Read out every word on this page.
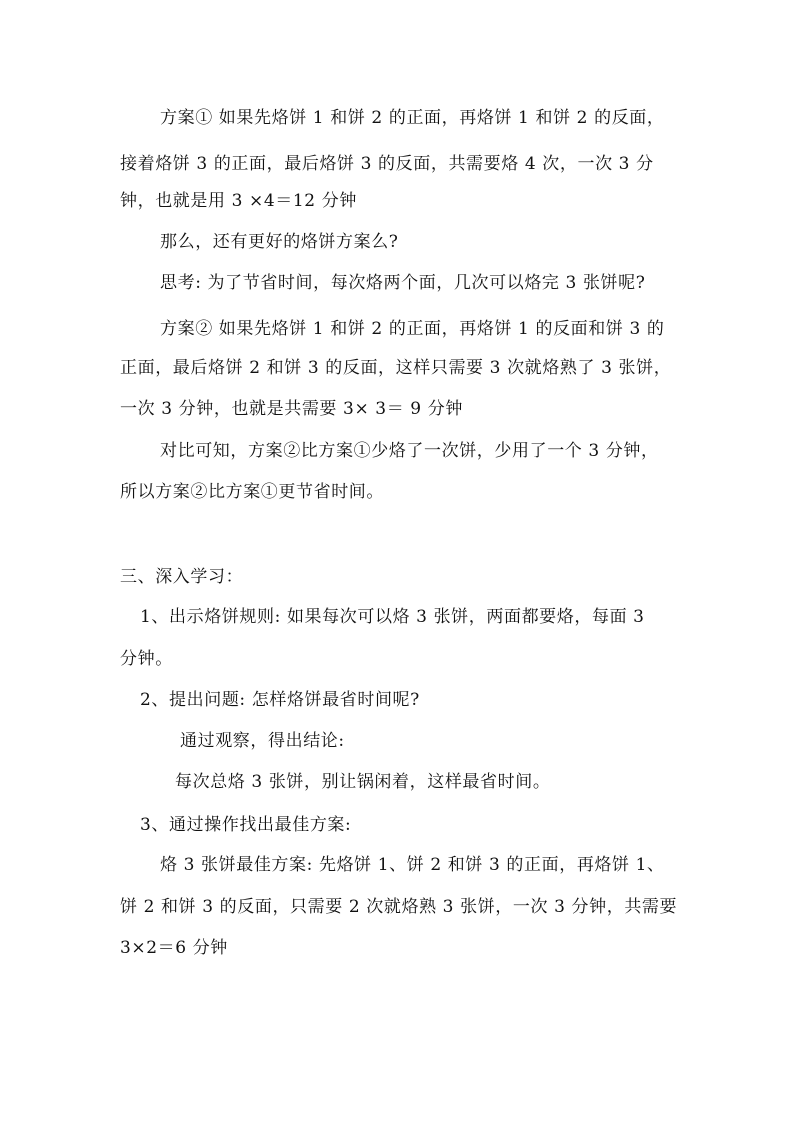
方案① 如果先烙饼 1 和饼 2 的正面，再烙饼 1 和饼 2 的反面，
接着烙饼 3 的正面，最后烙饼 3 的反面，共需要烙 4 次，一次 3 分
钟，也就是用 3 ×4＝12 分钟
那么，还有更好的烙饼方案么?
思考: 为了节省时间，每次烙两个面，几次可以烙完 3 张饼呢?
方案② 如果先烙饼 1 和饼 2 的正面，再烙饼 1 的反面和饼 3 的
正面，最后烙饼 2 和饼 3 的反面，这样只需要 3 次就烙熟了 3 张饼，
一次 3 分钟，也就是共需要 3× 3＝ 9 分钟
对比可知，方案②比方案①少烙了一次饼，少用了一个 3 分钟，
所以方案②比方案①更节省时间。
三、深入学习：
1、出示烙饼规则: 如果每次可以烙 3 张饼，两面都要烙，每面 3
分钟。
2、提出问题: 怎样烙饼最省时间呢?
通过观察，得出结论:
每次总烙 3 张饼，别让锅闲着，这样最省时间。
3、通过操作找出最佳方案:
烙 3 张饼最佳方案: 先烙饼 1、饼 2 和饼 3 的正面，再烙饼 1、
饼 2 和饼 3 的反面，只需要 2 次就烙熟 3 张饼，一次 3 分钟，共需要
3×2＝6 分钟
